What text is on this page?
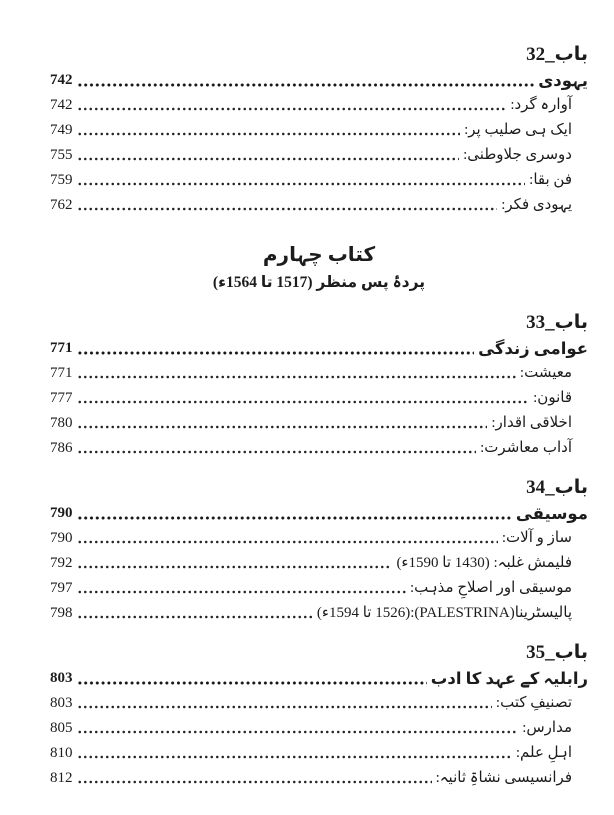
باب_32
یہودی
742
آوارہ گرد:
742
ایک ہی صلیب پر:
749
دوسری جلاوطنی:
755
فن بقا:
759
یہودی فکر:
762
کتاب چہارم
پردۂ پس منظر (1517 تا 1564ء)
باب_33
عوامی زندگی
771
معیشت:
771
قانون:
777
اخلاقی اقدار:
780
آداب معاشرت:
786
باب_34
موسیقی
790
ساز و آلات:
790
فلیمش غلبہ: (1430 تا 1590ء)
792
موسیقی اور اصلاحِ مذہب:
797
پالیسٹرینا(PALESTRINA):(1526 تا 1594ء)
798
باب_35
رابلیہ کے عہد کا ادب
803
تصنیفِ کتب:
803
مدارس:
805
اہلِ علم:
810
فرانسیسی نشاۃِ ثانیہ:
812
